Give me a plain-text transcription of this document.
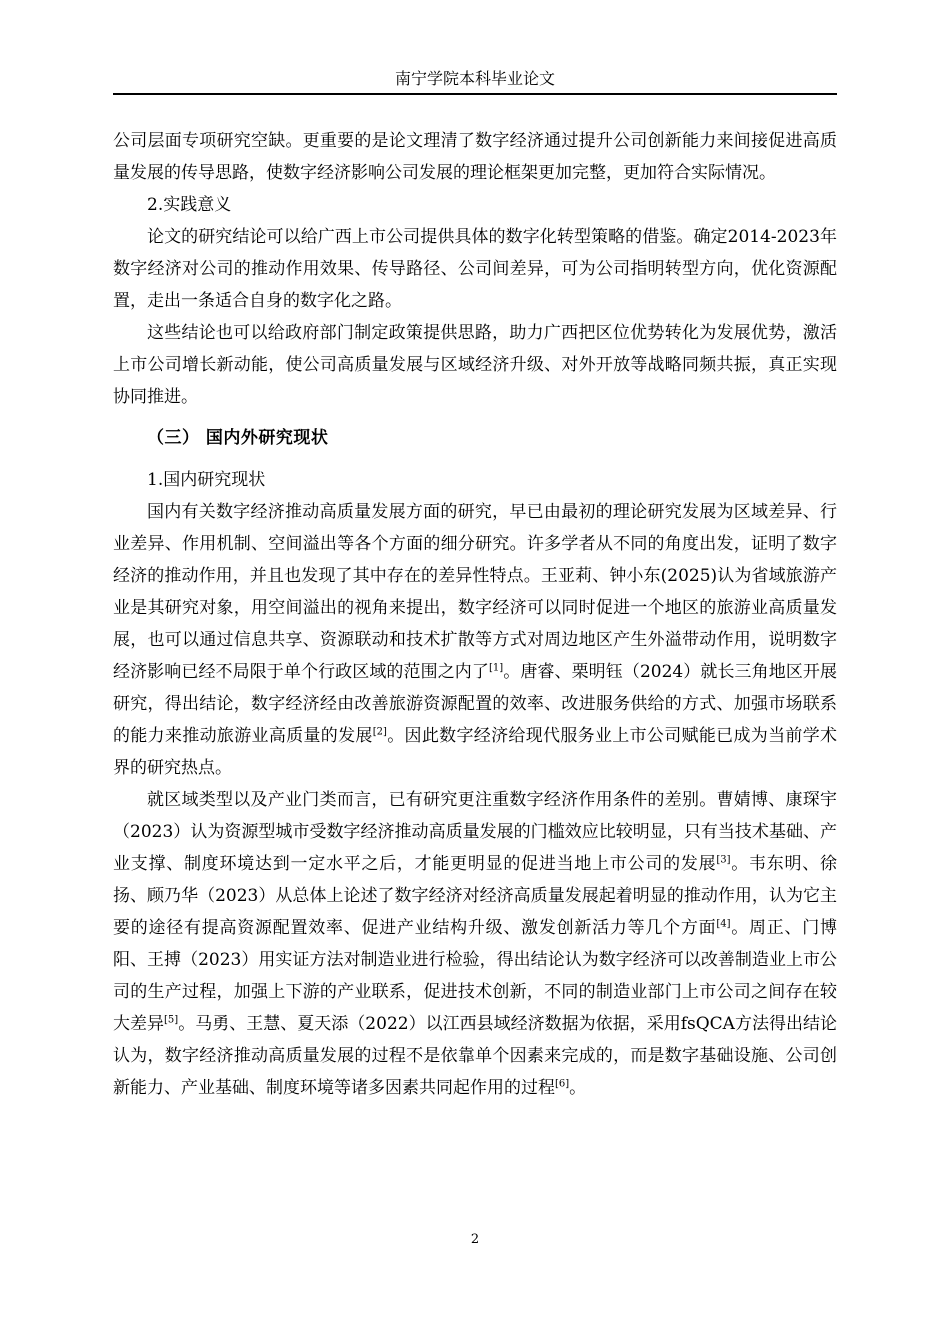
南宁学院本科毕业论文

公司层面专项研究空缺。更重要的是论文理清了数字经济通过提升公司创新能力来间接促进高质量发展的传导思路，使数字经济影响公司发展的理论框架更加完整，更加符合实际情况。

2.实践意义

论文的研究结论可以给广西上市公司提供具体的数字化转型策略的借鉴。确定2014-2023年数字经济对公司的推动作用效果、传导路径、公司间差异，可为公司指明转型方向，优化资源配置，走出一条适合自身的数字化之路。

这些结论也可以给政府部门制定政策提供思路，助力广西把区位优势转化为发展优势，激活上市公司增长新动能，使公司高质量发展与区域经济升级、对外开放等战略同频共振，真正实现协同推进。

（三） 国内外研究现状

1.国内研究现状

国内有关数字经济推动高质量发展方面的研究，早已由最初的理论研究发展为区域差异、行业差异、作用机制、空间溢出等各个方面的细分研究。许多学者从不同的角度出发，证明了数字经济的推动作用，并且也发现了其中存在的差异性特点。王亚莉、钟小东(2025)认为省域旅游产业是其研究对象，用空间溢出的视角来提出，数字经济可以同时促进一个地区的旅游业高质量发展，也可以通过信息共享、资源联动和技术扩散等方式对周边地区产生外溢带动作用，说明数字经济影响已经不局限于单个行政区域的范围之内了[1]。唐睿、栗明钰（2024）就长三角地区开展研究，得出结论，数字经济经由改善旅游资源配置的效率、改进服务供给的方式、加强市场联系的能力来推动旅游业高质量的发展[2]。因此数字经济给现代服务业上市公司赋能已成为当前学术界的研究热点。

就区域类型以及产业门类而言，已有研究更注重数字经济作用条件的差别。曹婧博、康琛宇（2023）认为资源型城市受数字经济推动高质量发展的门槛效应比较明显，只有当技术基础、产业支撑、制度环境达到一定水平之后，才能更明显的促进当地上市公司的发展[3]。韦东明、徐扬、顾乃华（2023）从总体上论述了数字经济对经济高质量发展起着明显的推动作用，认为它主要的途径有提高资源配置效率、促进产业结构升级、激发创新活力等几个方面[4]。周正、门博阳、王搏（2023）用实证方法对制造业进行检验，得出结论认为数字经济可以改善制造业上市公司的生产过程，加强上下游的产业联系，促进技术创新，不同的制造业部门上市公司之间存在较大差异[5]。马勇、王慧、夏天添（2022）以江西县域经济数据为依据，采用fsQCA方法得出结论认为，数字经济推动高质量发展的过程不是依靠单个因素来完成的，而是数字基础设施、公司创新能力、产业基础、制度环境等诸多因素共同起作用的过程[6]。

2
